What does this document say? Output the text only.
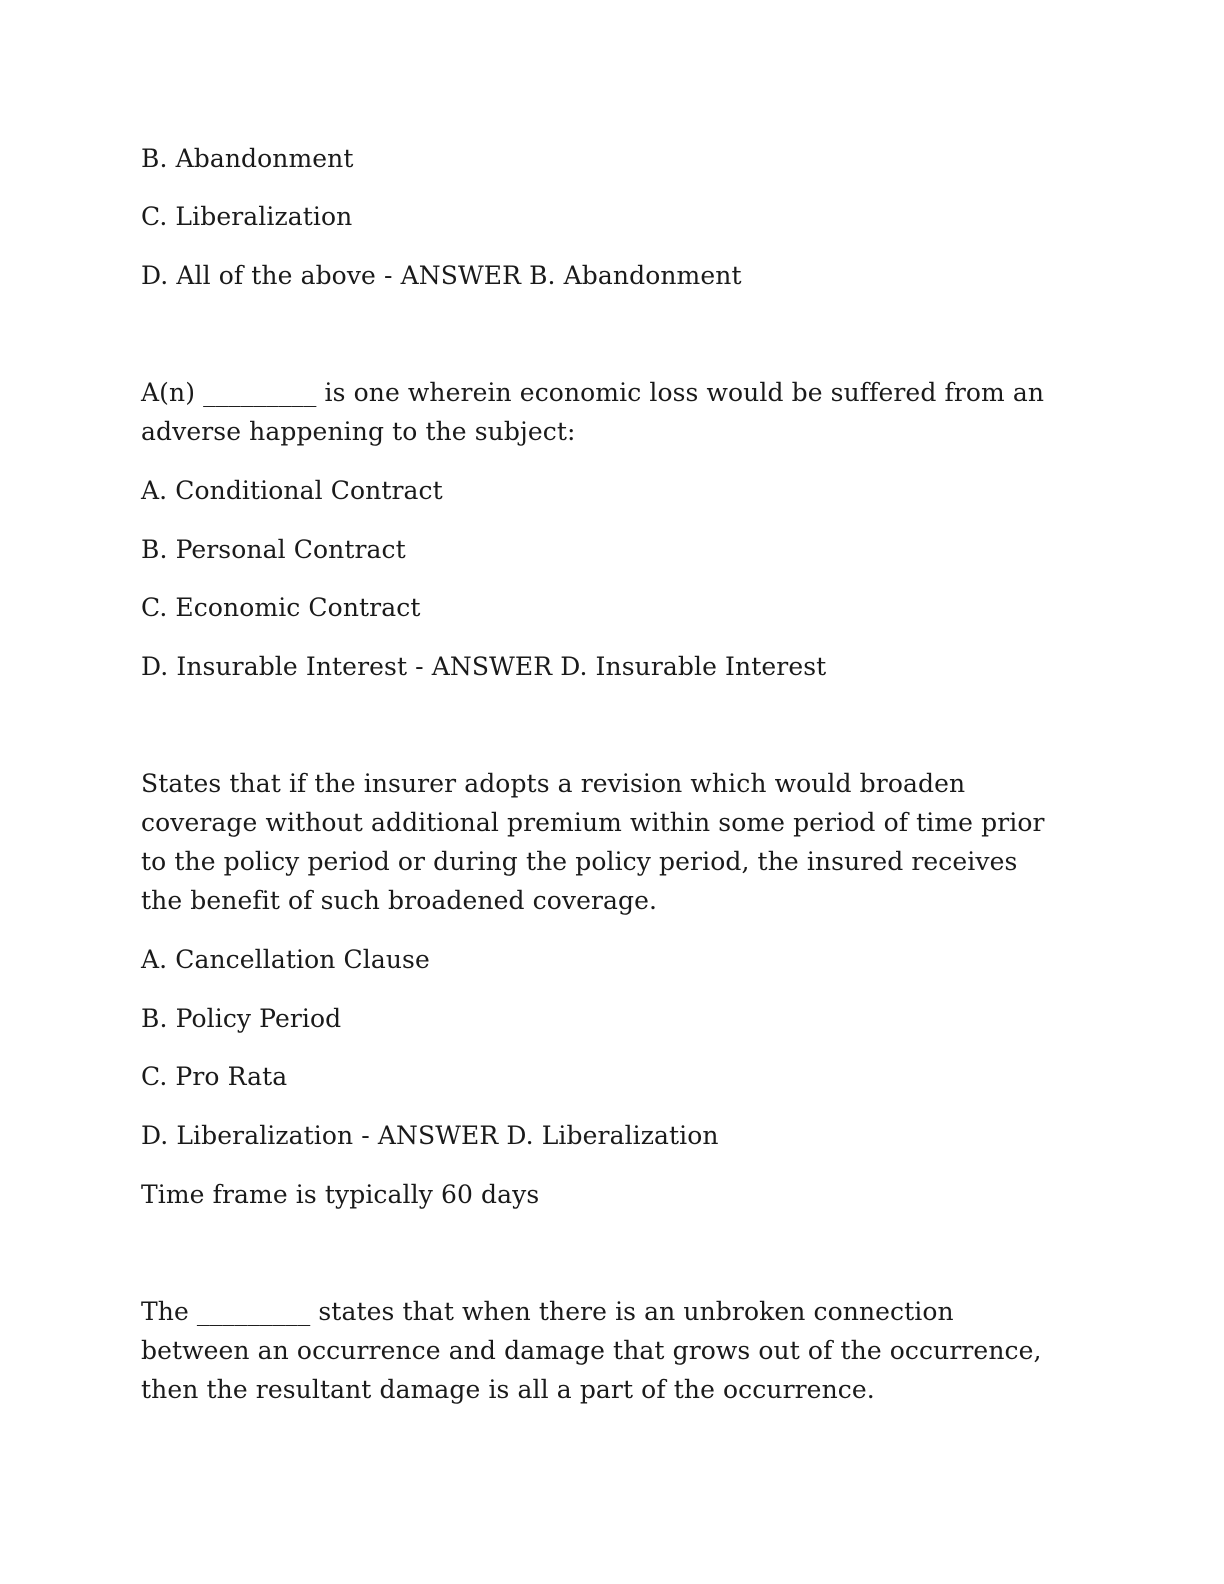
B. Abandonment
C. Liberalization
D. All of the above - ANSWER B. Abandonment
A(n) _________ is one wherein economic loss would be suffered from an adverse happening to the subject:
A. Conditional Contract
B. Personal Contract
C. Economic Contract
D. Insurable Interest - ANSWER D. Insurable Interest
States that if the insurer adopts a revision which would broaden coverage without additional premium within some period of time prior to the policy period or during the policy period, the insured receives the benefit of such broadened coverage.
A. Cancellation Clause
B. Policy Period
C. Pro Rata
D. Liberalization - ANSWER D. Liberalization
Time frame is typically 60 days
The _________ states that when there is an unbroken connection between an occurrence and damage that grows out of the occurrence, then the resultant damage is all a part of the occurrence.
